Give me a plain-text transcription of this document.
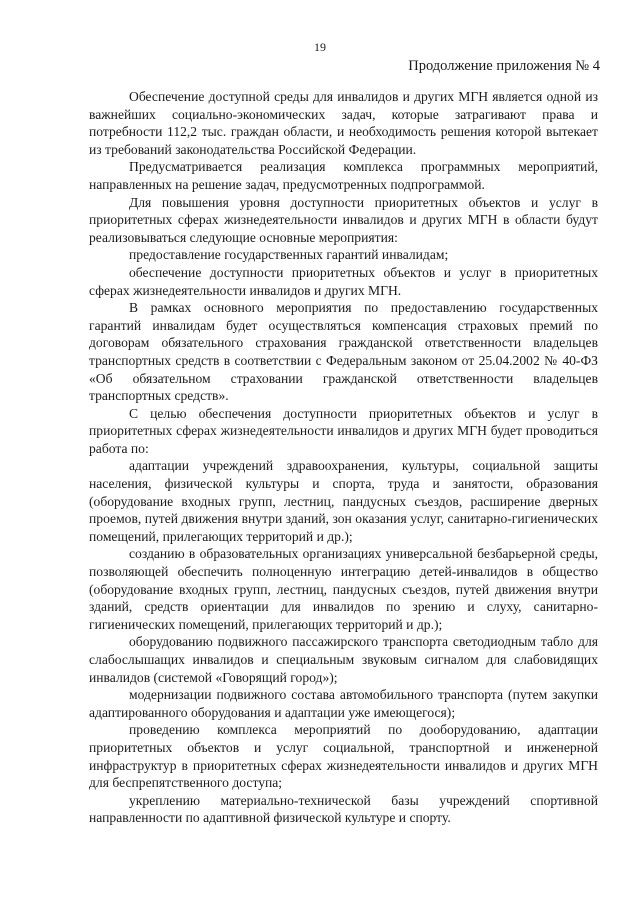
19
Продолжение приложения № 4

Обеспечение доступной среды для инвалидов и других МГН является одной из важнейших социально-экономических задач, которые затрагивают права и потребности 112,2 тыс. граждан области, и необходимость решения которой вытекает из требований законодательства Российской Федерации.

Предусматривается реализация комплекса программных мероприятий, направленных на решение задач, предусмотренных подпрограммой.

Для повышения уровня доступности приоритетных объектов и услуг в приоритетных сферах жизнедеятельности инвалидов и других МГН в области будут реализовываться следующие основные мероприятия:

предоставление государственных гарантий инвалидам;

обеспечение доступности приоритетных объектов и услуг в приоритетных сферах жизнедеятельности инвалидов и других МГН.

В рамках основного мероприятия по предоставлению государственных гарантий инвалидам будет осуществляться компенсация страховых премий по договорам обязательного страхования гражданской ответственности владельцев транспортных средств в соответствии с Федеральным законом от 25.04.2002 № 40-ФЗ «Об обязательном страховании гражданской ответственности владельцев транспортных средств».

С целью обеспечения доступности приоритетных объектов и услуг в приоритетных сферах жизнедеятельности инвалидов и других МГН будет проводиться работа по:

адаптации учреждений здравоохранения, культуры, социальной защиты населения, физической культуры и спорта, труда и занятости, образования (оборудование входных групп, лестниц, пандусных съездов, расширение дверных проемов, путей движения внутри зданий, зон оказания услуг, санитарно-гигиенических помещений, прилегающих территорий и др.);

созданию в образовательных организациях универсальной безбарьерной среды, позволяющей обеспечить полноценную интеграцию детей-инвалидов в общество (оборудование входных групп, лестниц, пандусных съездов, путей движения внутри зданий, средств ориентации для инвалидов по зрению и слуху, санитарно-гигиенических помещений, прилегающих территорий и др.);

оборудованию подвижного пассажирского транспорта светодиодным табло для слабослышащих инвалидов и специальным звуковым сигналом для слабовидящих инвалидов (системой «Говорящий город»);

модернизации подвижного состава автомобильного транспорта (путем закупки адаптированного оборудования и адаптации уже имеющегося);

проведению комплекса мероприятий по дооборудованию, адаптации приоритетных объектов и услуг социальной, транспортной и инженерной инфраструктур в приоритетных сферах жизнедеятельности инвалидов и других МГН для беспрепятственного доступа;

укреплению материально-технической базы учреждений спортивной направленности по адаптивной физической культуре и спорту.
